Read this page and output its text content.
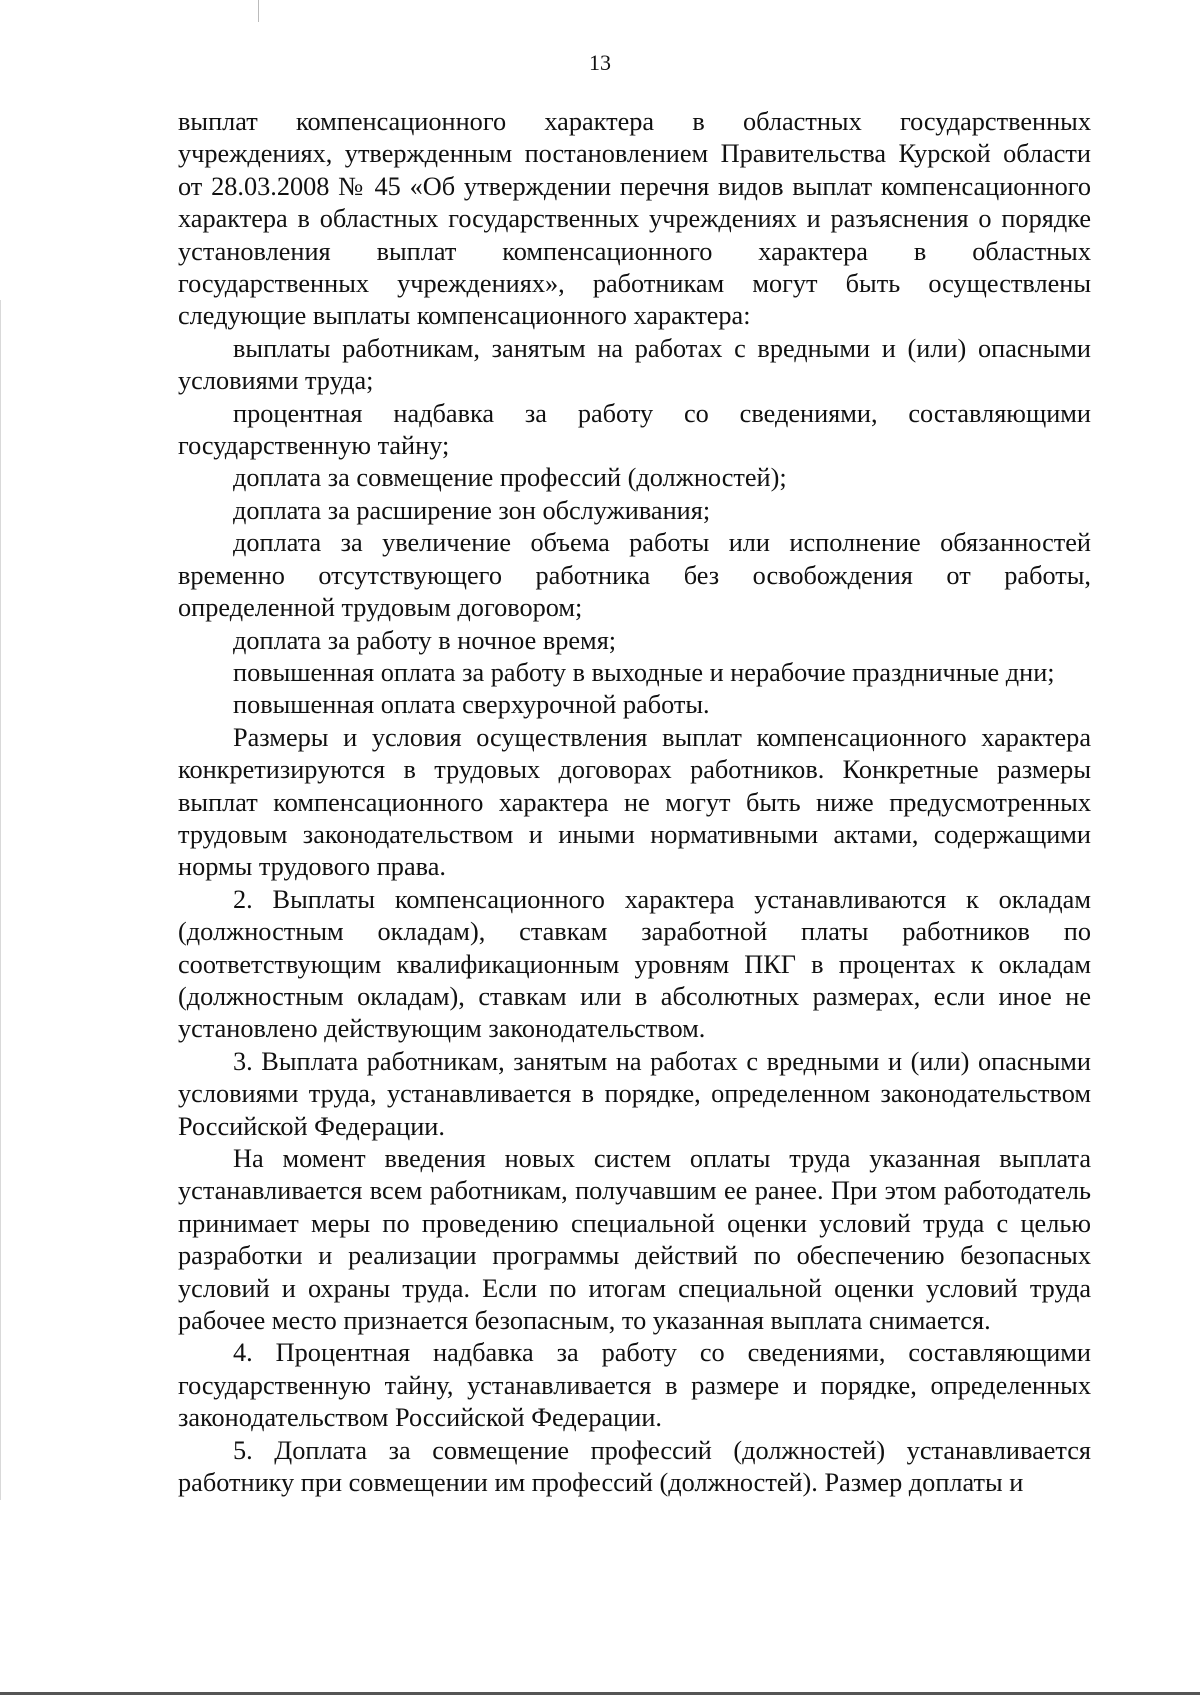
13

выплат компенсационного характера в областных государственных учреждениях, утвержденным постановлением Правительства Курской области от 28.03.2008 № 45 «Об утверждении перечня видов выплат компенсационного характера в областных государственных учреждениях и разъяснения о порядке установления выплат компенсационного характера в областных государственных учреждениях», работникам могут быть осуществлены следующие выплаты компенсационного характера:

выплаты работникам, занятым на работах с вредными и (или) опасными условиями труда;

процентная надбавка за работу со сведениями, составляющими государственную тайну;

доплата за совмещение профессий (должностей);

доплата за расширение зон обслуживания;

доплата за увеличение объема работы или исполнение обязанностей временно отсутствующего работника без освобождения от работы, определенной трудовым договором;

доплата за работу в ночное время;

повышенная оплата за работу в выходные и нерабочие праздничные дни;

повышенная оплата сверхурочной работы.

Размеры и условия осуществления выплат компенсационного характера конкретизируются в трудовых договорах работников. Конкретные размеры выплат компенсационного характера не могут быть ниже предусмотренных трудовым законодательством и иными нормативными актами, содержащими нормы трудового права.

2. Выплаты компенсационного характера устанавливаются к окладам (должностным окладам), ставкам заработной платы работников по соответствующим квалификационным уровням ПКГ в процентах к окладам (должностным окладам), ставкам или в абсолютных размерах, если иное не установлено действующим законодательством.

3. Выплата работникам, занятым на работах с вредными и (или) опасными условиями труда, устанавливается в порядке, определенном законодательством Российской Федерации.

На момент введения новых систем оплаты труда указанная выплата устанавливается всем работникам, получавшим ее ранее. При этом работодатель принимает меры по проведению специальной оценки условий труда с целью разработки и реализации программы действий по обеспечению безопасных условий и охраны труда. Если по итогам специальной оценки условий труда рабочее место признается безопасным, то указанная выплата снимается.

4. Процентная надбавка за работу со сведениями, составляющими государственную тайну, устанавливается в размере и порядке, определенных законодательством Российской Федерации.

5. Доплата за совмещение профессий (должностей) устанавливается работнику при совмещении им профессий (должностей). Размер доплаты и
